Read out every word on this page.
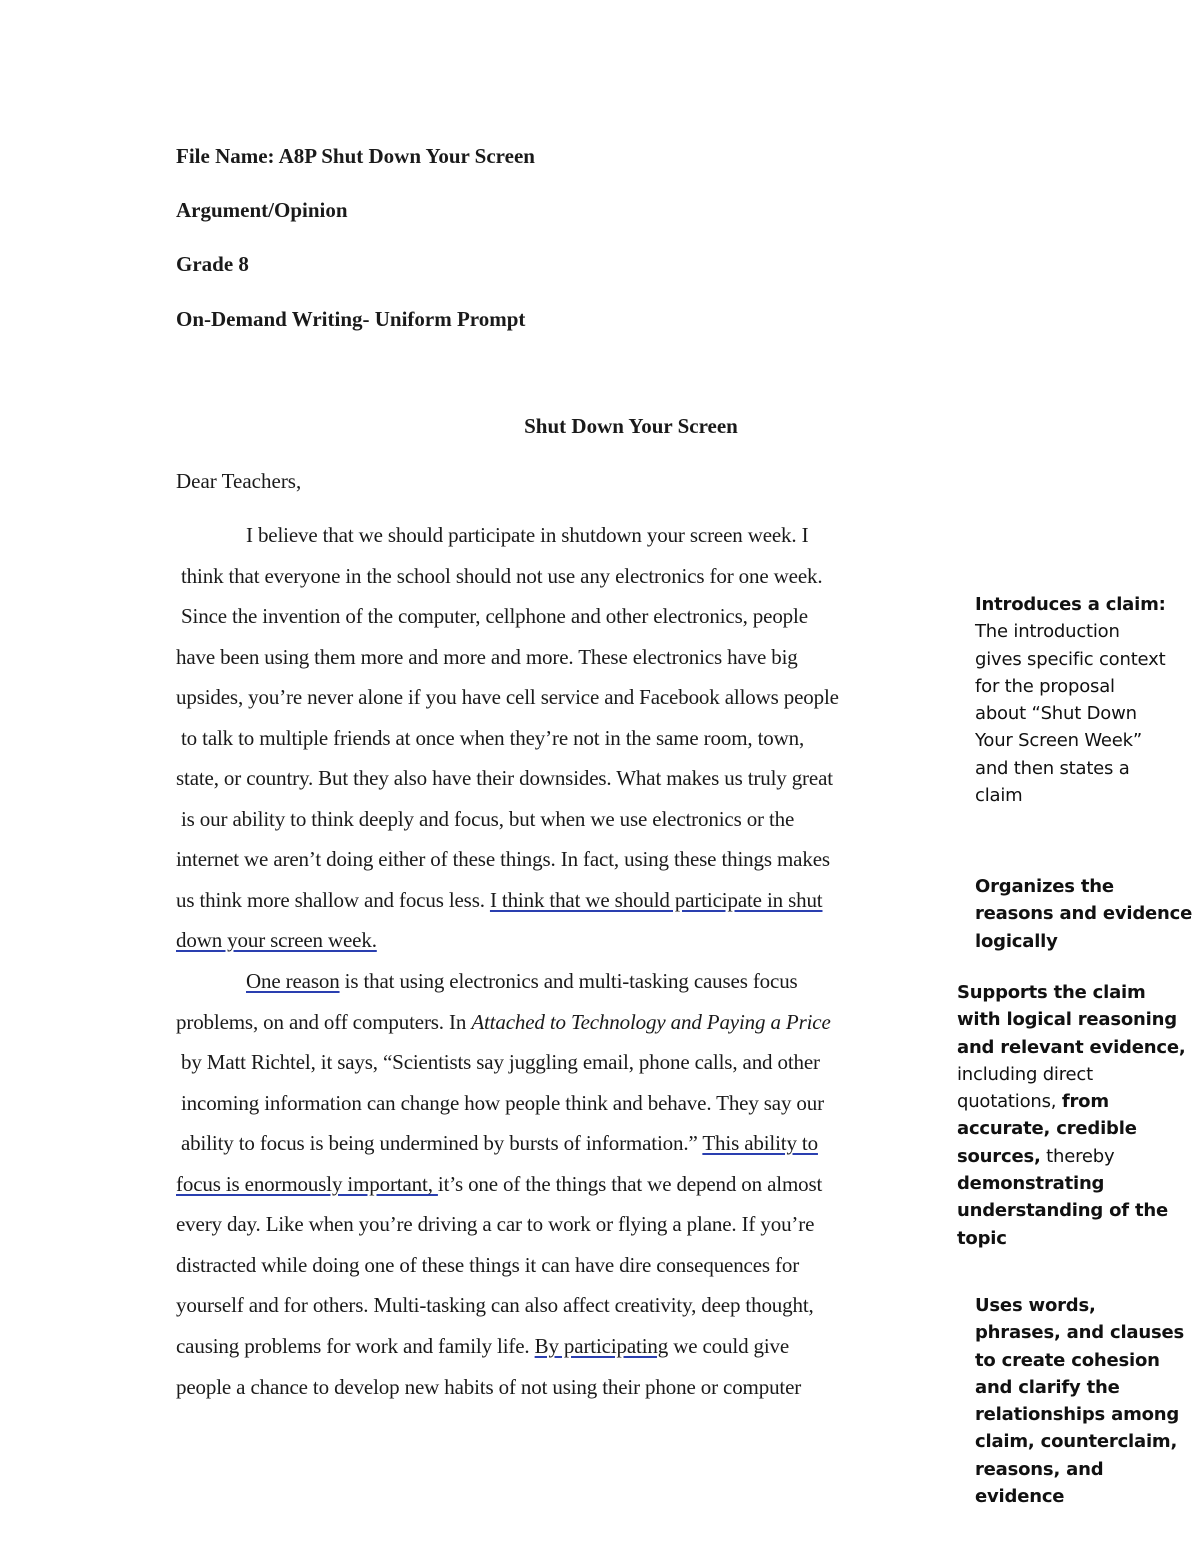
File Name: A8P Shut Down Your Screen
Argument/Opinion
Grade 8
On-Demand Writing- Uniform Prompt
Shut Down Your Screen
Dear Teachers,
I believe that we should participate in shutdown your screen week. I
think that everyone in the school should not use any electronics for one week.
Since the invention of the computer, cellphone and other electronics, people
have been using them more and more and more. These electronics have big
upsides, you’re never alone if you have cell service and Facebook allows people
to talk to multiple friends at once when they’re not in the same room, town,
state, or country. But they also have their downsides. What makes us truly great
is our ability to think deeply and focus, but when we use electronics or the
internet we aren’t doing either of these things. In fact, using these things makes
us think more shallow and focus less. I think that we should participate in shut
down your screen week.
One reason is that using electronics and multi-tasking causes focus
problems, on and off computers. In Attached to Technology and Paying a Price
by Matt Richtel, it says, “Scientists say juggling email, phone calls, and other
incoming information can change how people think and behave. They say our
ability to focus is being undermined by bursts of information.” This ability to
focus is enormously important, it’s one of the things that we depend on almost
every day. Like when you’re driving a car to work or flying a plane. If you’re
distracted while doing one of these things it can have dire consequences for
yourself and for others. Multi-tasking can also affect creativity, deep thought,
causing problems for work and family life. By participating we could give
people a chance to develop new habits of not using their phone or computer
Introduces a claim:
The introduction
gives specific context
for the proposal
about “Shut Down
Your Screen Week”
and then states a
claim
Organizes the
reasons and evidence
logically
Supports the claim
with logical reasoning
and relevant evidence,
including direct
quotations, from
accurate, credible
sources, thereby
demonstrating
understanding of the
topic
Uses words,
phrases, and clauses
to create cohesion
and clarify the
relationships among
claim, counterclaim,
reasons, and
evidence
